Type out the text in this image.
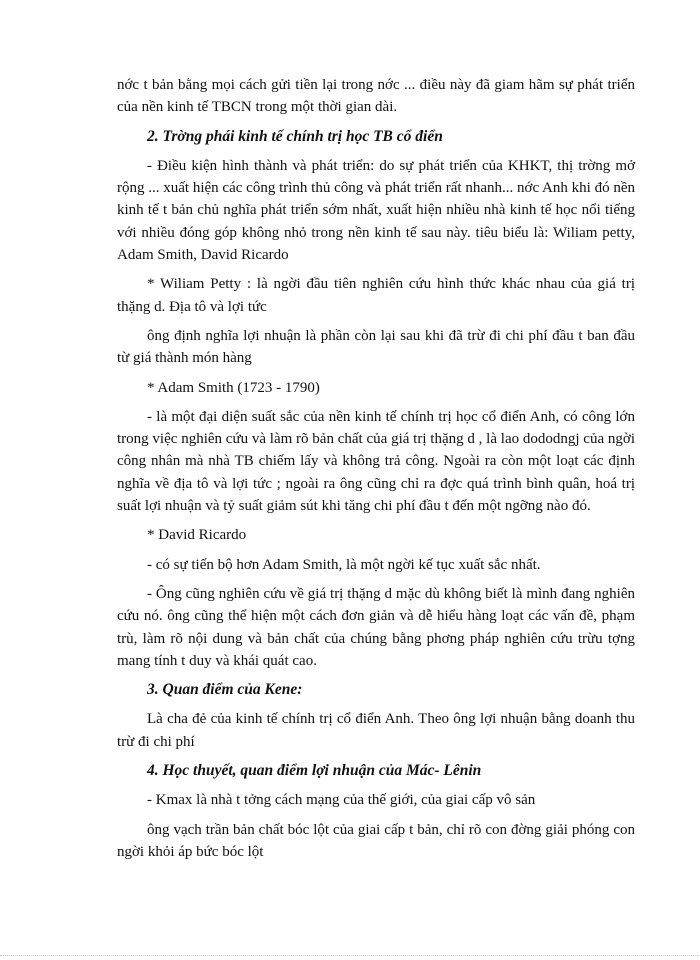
nớc t bản bằng mọi cách gửi tiền lại trong nớc ... điều này đã giam hãm sự phát triển của nền kinh tế TBCN trong một thời gian dài.

2. Trờng phái kinh tế chính trị học TB cổ điển

- Điều kiện hình thành và phát triển: do sự phát triển của KHKT, thị trờng mở rộng ... xuất hiện các công trình thủ công và phát triển rất nhanh... nớc Anh khi đó nền kinh tế t bản chủ nghĩa phát triển sớm nhất, xuất hiện nhiều nhà kinh tế học nổi tiếng với nhiều đóng góp không nhỏ trong nền kinh tế sau này. tiêu biểu là: Wiliam petty, Adam Smith, David Ricardo

* Wiliam Petty : là ngời đầu tiên nghiên cứu hình thức khác nhau của giá trị thặng d. Địa tô và lợi tức

ông định nghĩa lợi nhuận là phần còn lại sau khi đã trừ đi chi phí đầu t ban đầu từ giá thành món hàng

* Adam Smith (1723 - 1790)

- là một đại diện suất sắc của nền kinh tế chính trị học cổ điển Anh, có công lớn trong việc nghiên cứu và làm rõ bản chất của giá trị thặng d , là lao dododngj của ngời công nhân mà nhà TB chiếm lấy và không trả công. Ngoài ra còn một loạt các định nghĩa về địa tô và lợi tức ; ngoài ra ông cũng chỉ ra đợc quá trình bình quân, hoá trị suất lợi nhuận và tỷ suất giảm sút khi tăng chi phí đầu t đến một ngỡng nào đó.

* David Ricardo

- có sự tiến bộ hơn Adam Smith, là một ngời kế tục xuất sắc nhất.

- Ông cũng nghiên cứu về giá trị thặng d mặc dù không biết là mình đang nghiên cứu nó. ông cũng thể hiện một cách đơn giản và dễ hiểu hàng loạt các vấn đề, phạm trù, làm rõ nội dung và bản chất của chúng bằng phơng pháp nghiên cứu trừu tợng mang tính t duy và khái quát cao.

3. Quan điểm của Kene:

Là cha đẻ của kinh tế chính trị cổ điển Anh. Theo ông lợi nhuận bằng doanh thu trừ đi chi phí

4. Học thuyết, quan điểm lợi nhuận của Mác- Lênin

- Kmax là nhà t tởng cách mạng của thế giới, của giai cấp vô sản

ông vạch trần bản chất bóc lột của giai cấp t bản, chỉ rõ con đờng giải phóng con ngời khỏi áp bức bóc lột
